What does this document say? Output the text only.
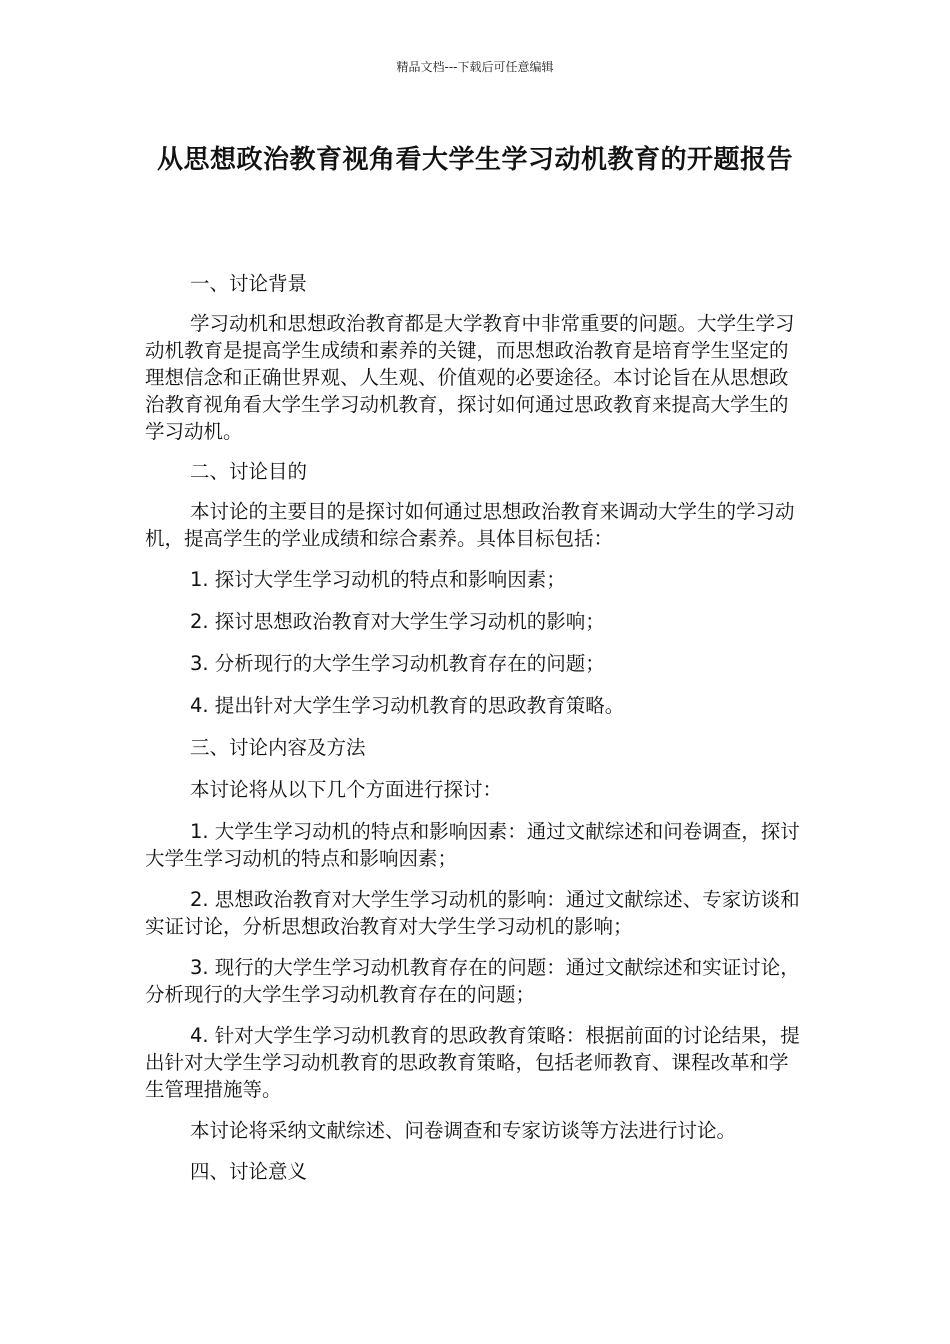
精品文档---下载后可任意编辑
从思想政治教育视角看大学生学习动机教育的开题报告

一、讨论背景

学习动机和思想政治教育都是大学教育中非常重要的问题。大学生学习动机教育是提高学生成绩和素养的关键，而思想政治教育是培育学生坚定的理想信念和正确世界观、人生观、价值观的必要途径。本讨论旨在从思想政治教育视角看大学生学习动机教育，探讨如何通过思政教育来提高大学生的学习动机。

二、讨论目的

本讨论的主要目的是探讨如何通过思想政治教育来调动大学生的学习动机，提高学生的学业成绩和综合素养。具体目标包括：

1. 探讨大学生学习动机的特点和影响因素；

2. 探讨思想政治教育对大学生学习动机的影响；

3. 分析现行的大学生学习动机教育存在的问题；

4. 提出针对大学生学习动机教育的思政教育策略。

三、讨论内容及方法

本讨论将从以下几个方面进行探讨：

1. 大学生学习动机的特点和影响因素：通过文献综述和问卷调查，探讨大学生学习动机的特点和影响因素；

2. 思想政治教育对大学生学习动机的影响：通过文献综述、专家访谈和实证讨论，分析思想政治教育对大学生学习动机的影响；

3. 现行的大学生学习动机教育存在的问题：通过文献综述和实证讨论，分析现行的大学生学习动机教育存在的问题；

4. 针对大学生学习动机教育的思政教育策略：根据前面的讨论结果，提出针对大学生学习动机教育的思政教育策略，包括老师教育、课程改革和学生管理措施等。

本讨论将采纳文献综述、问卷调查和专家访谈等方法进行讨论。

四、讨论意义
